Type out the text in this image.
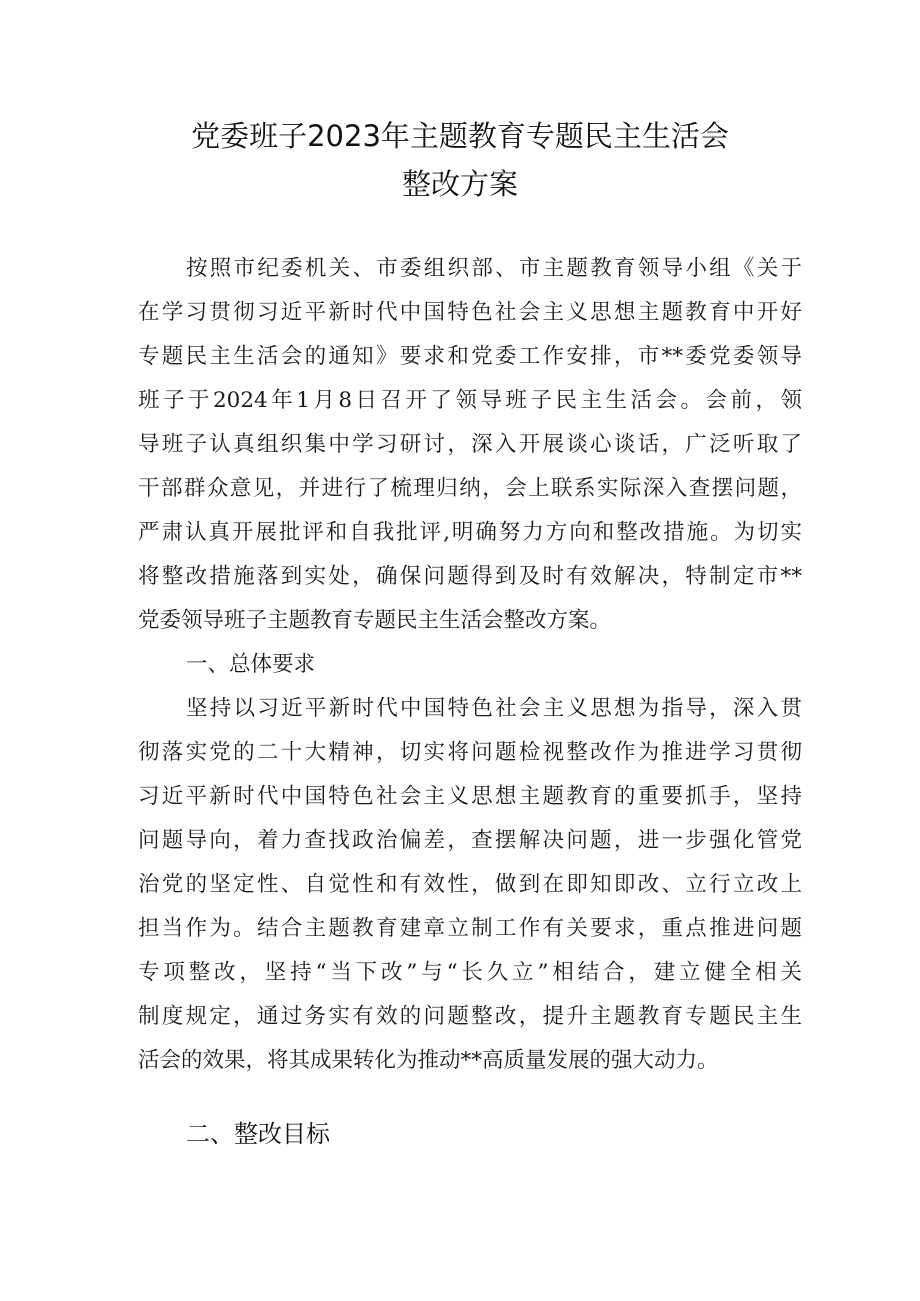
党委班子2023年主题教育专题民主生活会
整改方案
按照市纪委机关、市委组织部、市主题教育领导小组《关于
在学习贯彻习近平新时代中国特色社会主义思想主题教育中开好
专题民主生活会的通知》要求和党委工作安排，市**委党委领导
班子于2024年1月8日召开了领导班子民主生活会。会前，领
导班子认真组织集中学习研讨，深入开展谈心谈话，广泛听取了
干部群众意见，并进行了梳理归纳，会上联系实际深入查摆问题，
严肃认真开展批评和自我批评,明确努力方向和整改措施。为切实
将整改措施落到实处，确保问题得到及时有效解决，特制定市**
党委领导班子主题教育专题民主生活会整改方案。
一、总体要求
坚持以习近平新时代中国特色社会主义思想为指导，深入贯
彻落实党的二十大精神，切实将问题检视整改作为推进学习贯彻
习近平新时代中国特色社会主义思想主题教育的重要抓手，坚持
问题导向，着力查找政治偏差，查摆解决问题，进一步强化管党
治党的坚定性、自觉性和有效性，做到在即知即改、立行立改上
担当作为。结合主题教育建章立制工作有关要求，重点推进问题
专项整改，坚持“当下改”与“长久立”相结合，建立健全相关
制度规定，通过务实有效的问题整改，提升主题教育专题民主生
活会的效果，将其成果转化为推动**高质量发展的强大动力。
二、整改目标
